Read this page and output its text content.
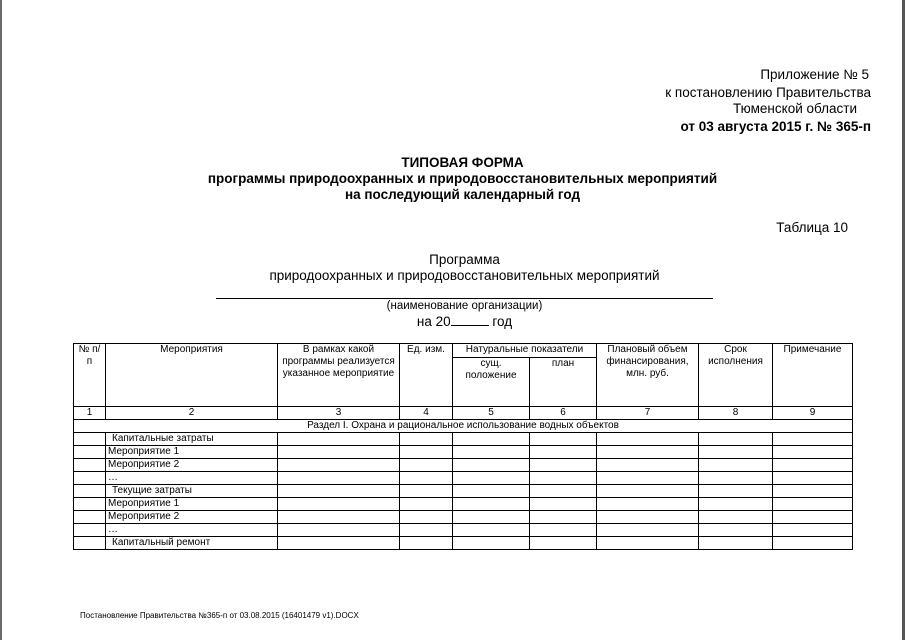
Приложение № 5
к постановлению Правительства
Тюменской области
от 03 августа 2015 г. № 365-п
ТИПОВАЯ ФОРМА
программы природоохранных и природовосстановительных мероприятий
на последующий календарный год
Таблица 10
Программа
природоохранных и природовосстановительных мероприятий
(наименование организации)
на 20	год
№ п/п	Мероприятия	В рамках какой программы реализуется указанное мероприятие	Ед. изм.	Натуральные показатели		Плановый объем финансирования, млн. руб.	Срок исполнения	Примечание
				сущ. положение	план			
1	2	3	4	5	6	7	8	9
Раздел I. Охрана и рациональное использование водных объектов								
	Капитальные затраты							
	Мероприятие 1							
	Мероприятие 2							
	…							
	Текущие затраты							
	Мероприятие 1							
	Мероприятие 2							
	…							
	Капитальный ремонт							
Постановление Правительства №365-п от 03.08.2015 (16401479 v1).DOCX
